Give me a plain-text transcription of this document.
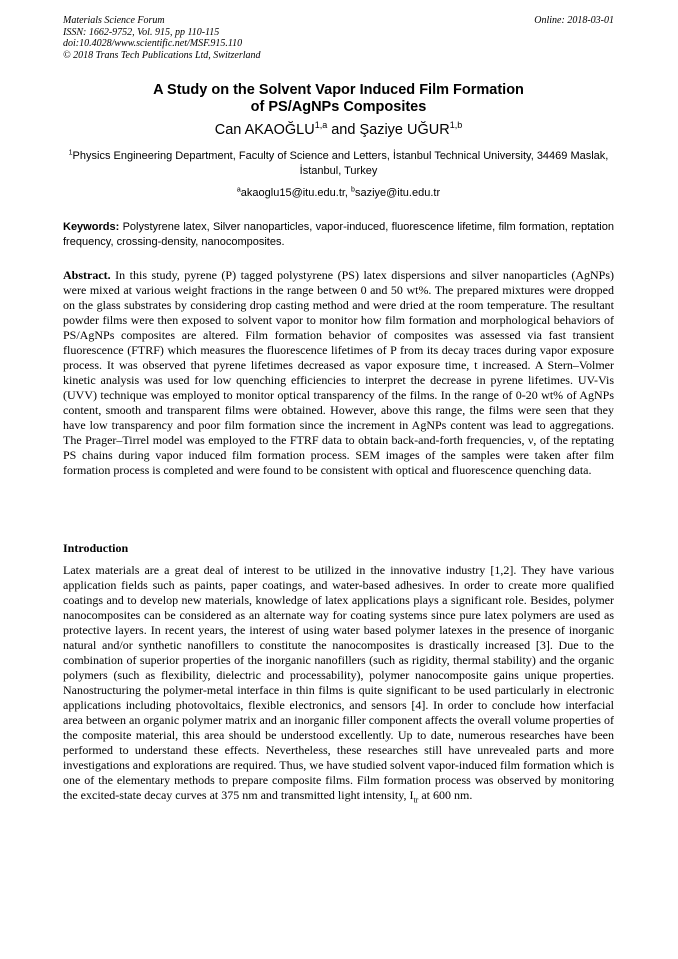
Materials Science Forum
ISSN: 1662-9752, Vol. 915, pp 110-115
doi:10.4028/www.scientific.net/MSF.915.110
© 2018 Trans Tech Publications Ltd, Switzerland
Online: 2018-03-01
A Study on the Solvent Vapor Induced Film Formation
of PS/AgNPs Composites
Can AKAOĞLU$^{1,a}$ and Şaziye UĞUR$^{1,b}$
$^1$Physics Engineering Department, Faculty of Science and Letters, İstanbul Technical University, 34469 Maslak, İstanbul, Turkey
$^a$akaoglu15@itu.edu.tr, $^b$saziye@itu.edu.tr
Keywords: Polystyrene latex, Silver nanoparticles, vapor-induced, fluorescence lifetime, film formation, reptation frequency, crossing-density, nanocomposites.
Abstract. In this study, pyrene (P) tagged polystyrene (PS) latex dispersions and silver nanoparticles (AgNPs) were mixed at various weight fractions in the range between 0 and 50 wt%. The prepared mixtures were dropped on the glass substrates by considering drop casting method and were dried at the room temperature. The resultant powder films were then exposed to solvent vapor to monitor how film formation and morphological behaviors of PS/AgNPs composites are altered. Film formation behavior of composites was assessed via fast transient fluorescence (FTRF) which measures the fluorescence lifetimes of P from its decay traces during vapor exposure process. It was observed that pyrene lifetimes decreased as vapor exposure time, t increased. A Stern–Volmer kinetic analysis was used for low quenching efficiencies to interpret the decrease in pyrene lifetimes. UV-Vis (UVV) technique was employed to monitor optical transparency of the films. In the range of 0-20 wt% of AgNPs content, smooth and transparent films were obtained. However, above this range, the films were seen that they have low transparency and poor film formation since the increment in AgNPs content was lead to aggregations. The Prager–Tirrel model was employed to the FTRF data to obtain back-and-forth frequencies, ν, of the reptating PS chains during vapor induced film formation process. SEM images of the samples were taken after film formation process is completed and were found to be consistent with optical and fluorescence quenching data.
Introduction
Latex materials are a great deal of interest to be utilized in the innovative industry [1,2]. They have various application fields such as paints, paper coatings, and water-based adhesives. In order to create more qualified coatings and to develop new materials, knowledge of latex applications plays a significant role. Besides, polymer nanocomposites can be considered as an alternate way for coating systems since pure latex polymers are used as protective layers. In recent years, the interest of using water based polymer latexes in the presence of inorganic natural and/or synthetic nanofillers to constitute the nanocomposites is drastically increased [3]. Due to the combination of superior properties of the inorganic nanofillers (such as rigidity, thermal stability) and the organic polymers (such as flexibility, dielectric and processability), polymer nanocomposite gains unique properties. Nanostructuring the polymer-metal interface in thin films is quite significant to be used particularly in electronic applications including photovoltaics, flexible electronics, and sensors [4]. In order to conclude how interfacial area between an organic polymer matrix and an inorganic filler component affects the overall volume properties of the composite material, this area should be understood excellently. Up to date, numerous researches have been performed to understand these effects. Nevertheless, these researches still have unrevealed parts and more investigations and explorations are required. Thus, we have studied solvent vapor-induced film formation which is one of the elementary methods to prepare composite films. Film formation process was observed by monitoring the excited-state decay curves at 375 nm and transmitted light intensity, $I_{tr}$ at 600 nm.
